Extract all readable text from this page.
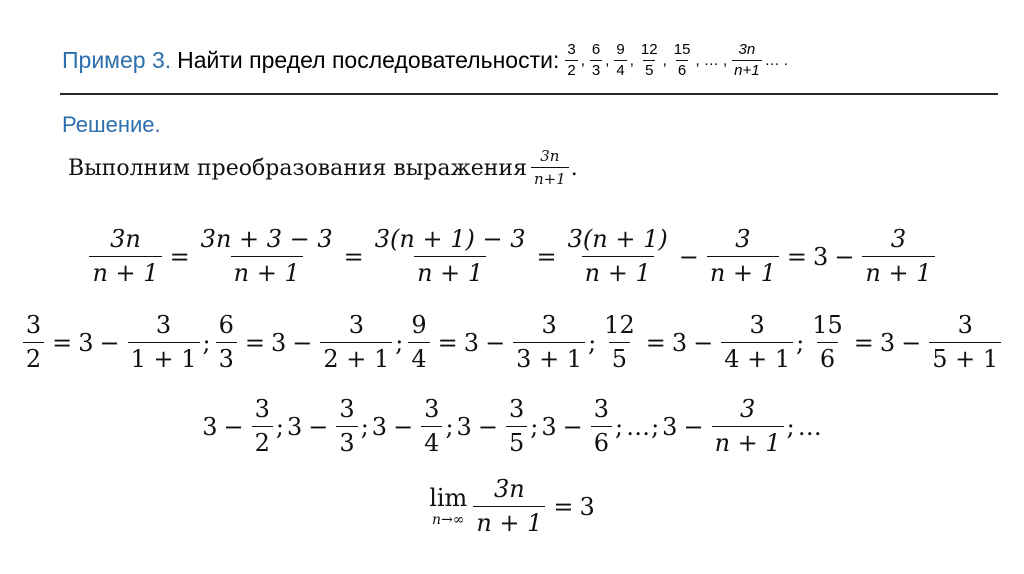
Пример 3. Найти предел последовательности: $\frac{3}{2}$ , $\frac{6}{3}$ , $\frac{9}{4}$ , $\frac{12}{5}$ , $\frac{15}{6}$ , … , $\frac{3n}{n+1}$ … .
Решение.
Выполним преобразования выражения $\frac{3n}{n+1}$ .
$\frac{3n}{n + 1} = \frac{3n + 3 - 3}{n + 1} = \frac{3(n + 1) - 3}{n + 1} = \frac{3(n + 1)}{n + 1} - \frac{3}{n + 1} = 3 - \frac{3}{n + 1}$
$\frac{3}{2} = 3 - \frac{3}{1 + 1}$ ; $\frac{6}{3} = 3 - \frac{3}{2 + 1}$ ; $\frac{9}{4} = 3 - \frac{3}{3 + 1}$ ; $\frac{12}{5} = 3 - \frac{3}{4 + 1}$ ; $\frac{15}{6} = 3 - \frac{3}{5 + 1}$
$3 - \frac{3}{2}$ ; $3 - \frac{3}{3}$ ; $3 - \frac{3}{4}$ ; $3 - \frac{3}{5}$ ; $3 - \frac{3}{6}$ ; … ; $3 - \frac{3}{n + 1}$ ; …
lim
$n\to\infty \frac{3n}{n + 1} = 3$
